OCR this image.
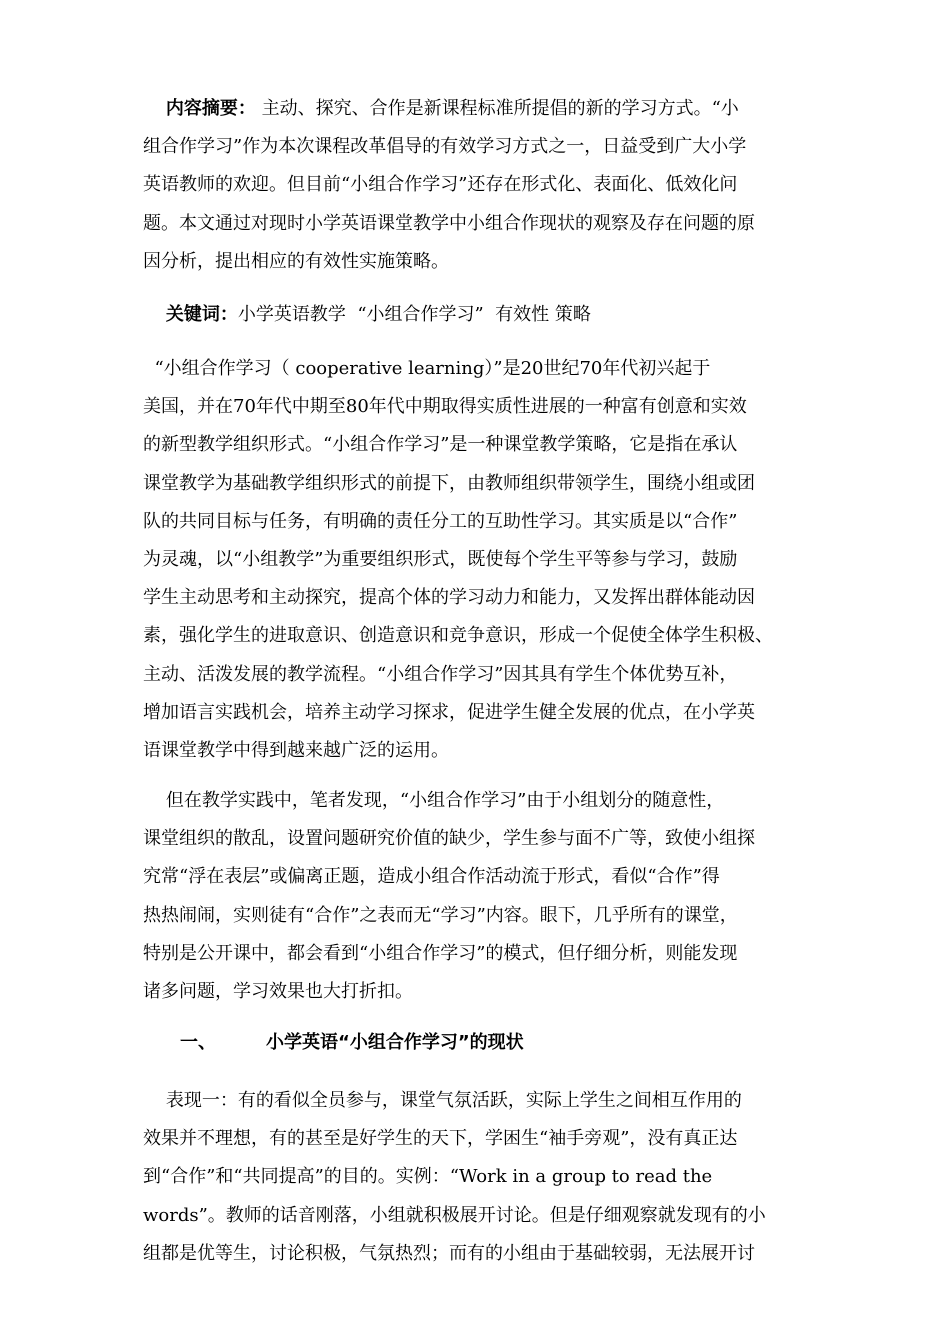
内容摘要： 主动、探究、合作是新课程标准所提倡的新的学习方式。“小
组合作学习”作为本次课程改革倡导的有效学习方式之一，日益受到广大小学
英语教师的欢迎。但目前“小组合作学习”还存在形式化、表面化、低效化问
题。本文通过对现时小学英语课堂教学中小组合作现状的观察及存在问题的原
因分析，提出相应的有效性实施策略。
关键词：小学英语教学  “小组合作学习”  有效性 策略
“小组合作学习（ cooperative learning）”是20世纪70年代初兴起于
美国，并在70年代中期至80年代中期取得实质性进展的一种富有创意和实效
的新型教学组织形式。“小组合作学习”是一种课堂教学策略，它是指在承认
课堂教学为基础教学组织形式的前提下，由教师组织带领学生，围绕小组或团
队的共同目标与任务，有明确的责任分工的互助性学习。其实质是以“合作”
为灵魂，以“小组教学”为重要组织形式，既使每个学生平等参与学习，鼓励
学生主动思考和主动探究，提高个体的学习动力和能力，又发挥出群体能动因
素，强化学生的进取意识、创造意识和竞争意识，形成一个促使全体学生积极、
主动、活泼发展的教学流程。“小组合作学习”因其具有学生个体优势互补，
增加语言实践机会，培养主动学习探求，促进学生健全发展的优点，在小学英
语课堂教学中得到越来越广泛的运用。
但在教学实践中，笔者发现，“小组合作学习”由于小组划分的随意性，
课堂组织的散乱，设置问题研究价值的缺少，学生参与面不广等，致使小组探
究常“浮在表层”或偏离正题，造成小组合作活动流于形式，看似“合作”得
热热闹闹，实则徒有“合作”之表而无“学习”内容。眼下，几乎所有的课堂，
特别是公开课中，都会看到“小组合作学习”的模式，但仔细分析，则能发现
诸多问题，学习效果也大打折扣。
一、	小学英语“小组合作学习”的现状
表现一：有的看似全员参与，课堂气氛活跃，实际上学生之间相互作用的
效果并不理想，有的甚至是好学生的天下，学困生“袖手旁观”，没有真正达
到“合作”和“共同提高”的目的。实例：“Work in a group to read the
words”。教师的话音刚落，小组就积极展开讨论。但是仔细观察就发现有的小
组都是优等生，讨论积极，气氛热烈；而有的小组由于基础较弱，无法展开讨
